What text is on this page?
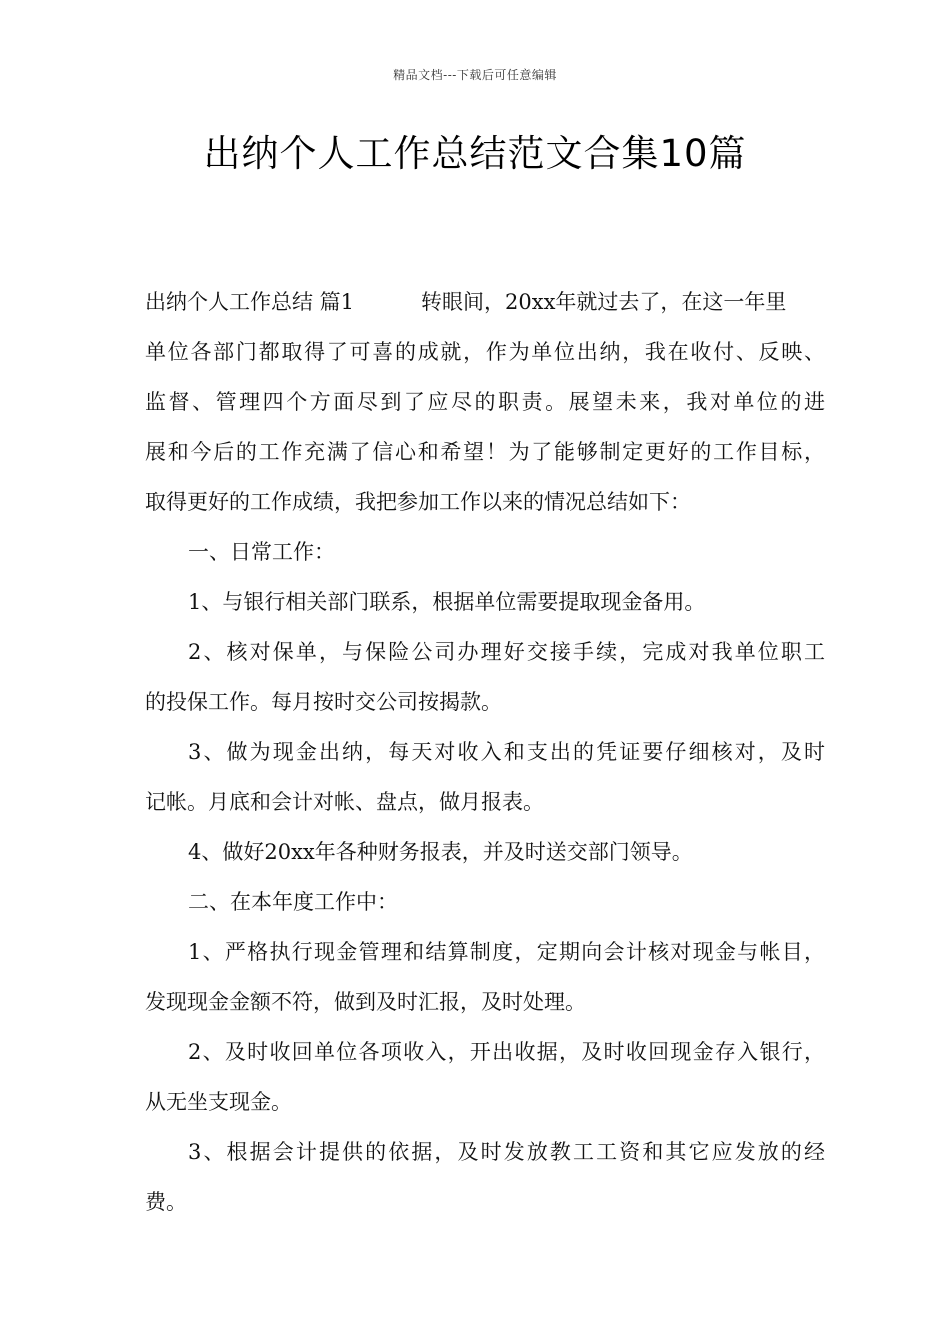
精品文档---下载后可任意编辑
出纳个人工作总结范文合集10篇
出纳个人工作总结 篇1	转眼间，20xx年就过去了，在这一年里
单位各部门都取得了可喜的成就，作为单位出纳，我在收付、反映、
监督、管理四个方面尽到了应尽的职责。展望未来，我对单位的进
展和今后的工作充满了信心和希望！为了能够制定更好的工作目标，
取得更好的工作成绩，我把参加工作以来的情况总结如下：
一、日常工作：
1、与银行相关部门联系，根据单位需要提取现金备用。
2、核对保单，与保险公司办理好交接手续，完成对我单位职工
的投保工作。每月按时交公司按揭款。
3、做为现金出纳，每天对收入和支出的凭证要仔细核对，及时
记帐。月底和会计对帐、盘点，做月报表。
4、做好20xx年各种财务报表，并及时送交部门领导。
二、在本年度工作中：
1、严格执行现金管理和结算制度，定期向会计核对现金与帐目，
发现现金金额不符，做到及时汇报，及时处理。
2、及时收回单位各项收入，开出收据，及时收回现金存入银行，
从无坐支现金。
3、根据会计提供的依据，及时发放教工工资和其它应发放的经
费。
